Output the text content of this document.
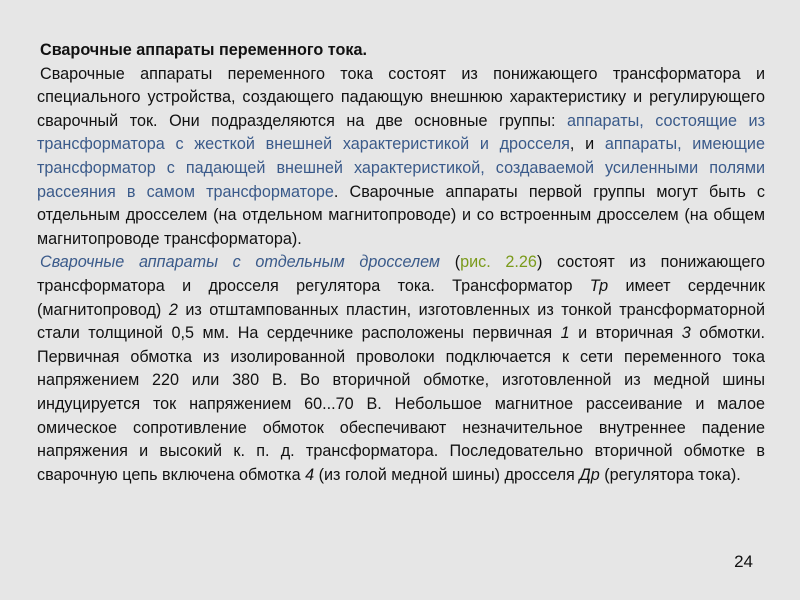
Сварочные аппараты переменного тока.

Сварочные аппараты переменного тока состоят из понижающего трансформатора и специального устройства, создающего падающую внешнюю характеристику и регулирующего сварочный ток. Они подразделяются на две основные группы: аппараты, состоящие из трансформатора с жесткой внешней характеристикой и дросселя, и аппараты, имеющие трансформатор с падающей внешней характеристикой, создаваемой усиленными полями рассеяния в самом трансформаторе. Сварочные аппараты первой группы могут быть с отдельным дросселем (на отдельном магнитопроводе) и со встроенным дросселем (на общем магнитопроводе трансформатора).

Сварочные аппараты с отдельным дросселем (рис. 2.26) состоят из понижающего трансформатора и дросселя регулятора тока. Трансформатор Тр имеет сердечник (магнитопровод) 2 из отштампованных пластин, изготовленных из тонкой трансформаторной стали толщиной 0,5 мм. На сердечнике расположены первичная 1 и вторичная 3 обмотки. Первичная обмотка из изолированной проволоки подключается к сети переменного тока напряжением 220 или 380 В. Во вторичной обмотке, изготовленной из медной шины индуцируется ток напряжением 60...70 В. Небольшое магнитное рассеивание и малое омическое сопротивление обмоток обеспечивают незначительное внутреннее падение напряжения и высокий к. п. д. трансформатора. Последовательно вторичной обмотке в сварочную цепь включена обмотка 4 (из голой медной шины) дросселя Др (регулятора тока).

24
